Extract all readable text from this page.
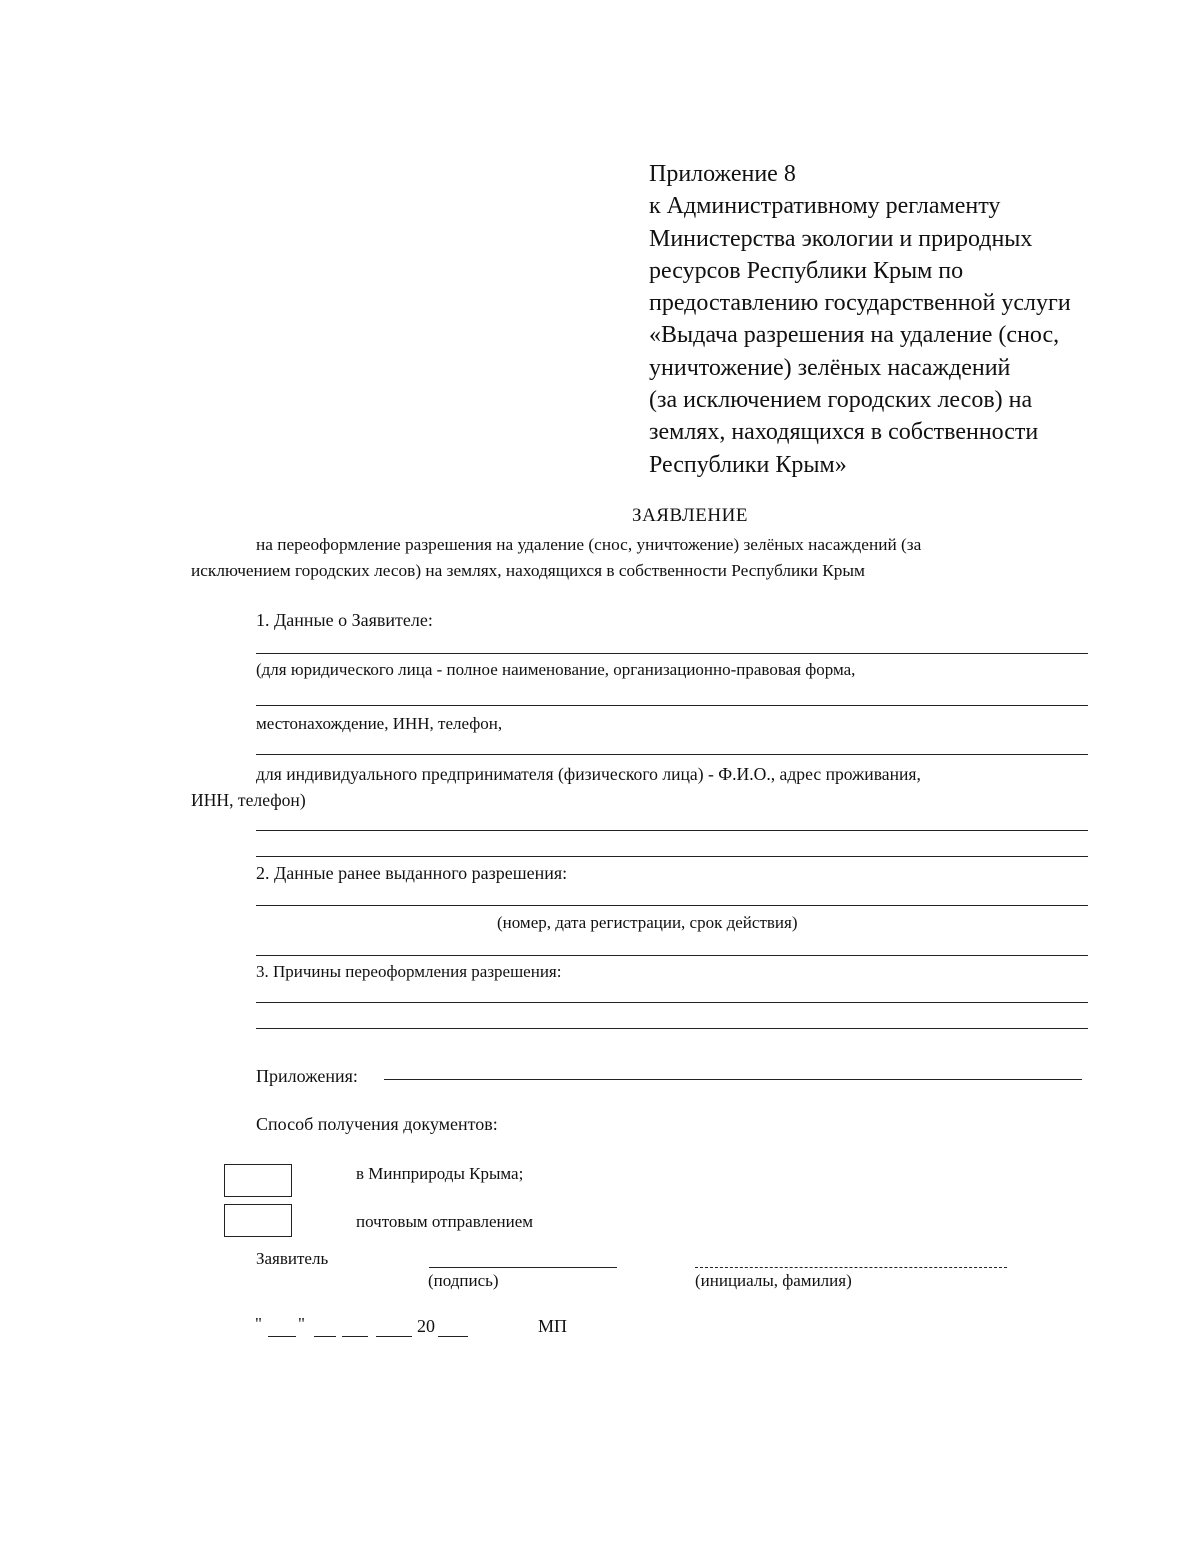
Приложение 8
к Административному регламенту
Министерства экологии и природных
ресурсов Республики Крым по
предоставлению государственной услуги
«Выдача разрешения на удаление (снос,
уничтожение) зелёных насаждений
(за исключением городских лесов) на
землях, находящихся в собственности
Республики Крым»
ЗАЯВЛЕНИЕ
на переоформление разрешения на удаление (снос, уничтожение) зелёных насаждений (за
исключением городских лесов) на землях, находящихся в собственности Республики Крым
1. Данные о Заявителе:
(для юридического лица - полное наименование, организационно-правовая форма,
местонахождение, ИНН, телефон,
для индивидуального предпринимателя (физического лица) - Ф.И.О., адрес проживания,
ИНН, телефон)
2. Данные ранее выданного разрешения:
(номер, дата регистрации, срок действия)
3. Причины переоформления разрешения:
Приложения:
Способ получения документов:
в Минприроды Крыма;
почтовым отправлением
Заявитель
(подпись)	(инициалы, фамилия)
" "	20	МП
